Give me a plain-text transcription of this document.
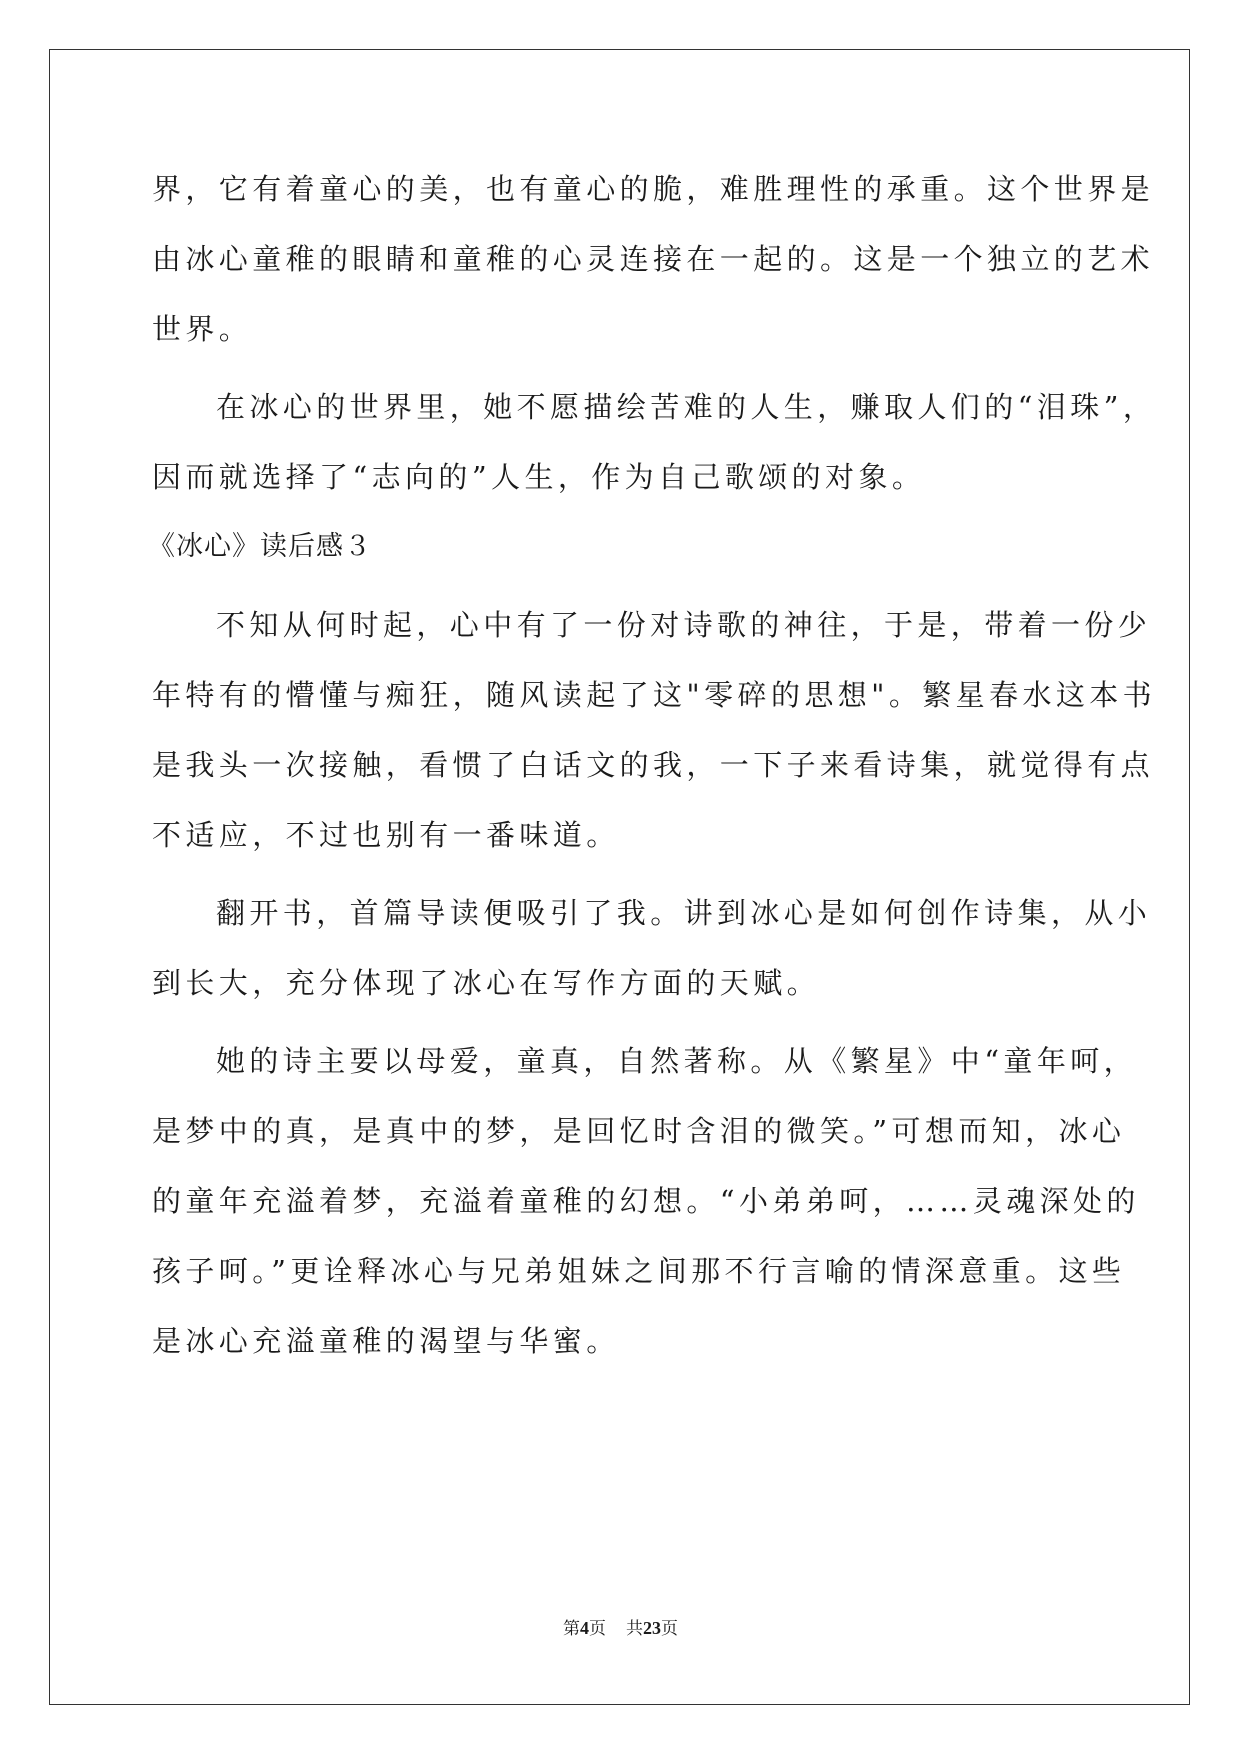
界，它有着童心的美，也有童心的脆，难胜理性的承重。这个世界是
由冰心童稚的眼睛和童稚的心灵连接在一起的。这是一个独立的艺术
世界。
在冰心的世界里，她不愿描绘苦难的人生，赚取人们的“泪珠”，
因而就选择了“志向的”人生，作为自己歌颂的对象。
《冰心》读后感３
不知从何时起，心中有了一份对诗歌的神往，于是，带着一份少
年特有的懵懂与痴狂，随风读起了这"零碎的思想"。繁星春水这本书
是我头一次接触，看惯了白话文的我，一下子来看诗集，就觉得有点
不适应，不过也别有一番味道。
翻开书，首篇导读便吸引了我。讲到冰心是如何创作诗集，从小
到长大，充分体现了冰心在写作方面的天赋。
她的诗主要以母爱，童真，自然著称。从《繁星》中“童年呵，
是梦中的真，是真中的梦，是回忆时含泪的微笑。”可想而知，冰心
的童年充溢着梦，充溢着童稚的幻想。“小弟弟呵，……灵魂深处的
孩子呵。”更诠释冰心与兄弟姐妹之间那不行言喻的情深意重。这些
是冰心充溢童稚的渴望与华蜜。
第4页 共23页
